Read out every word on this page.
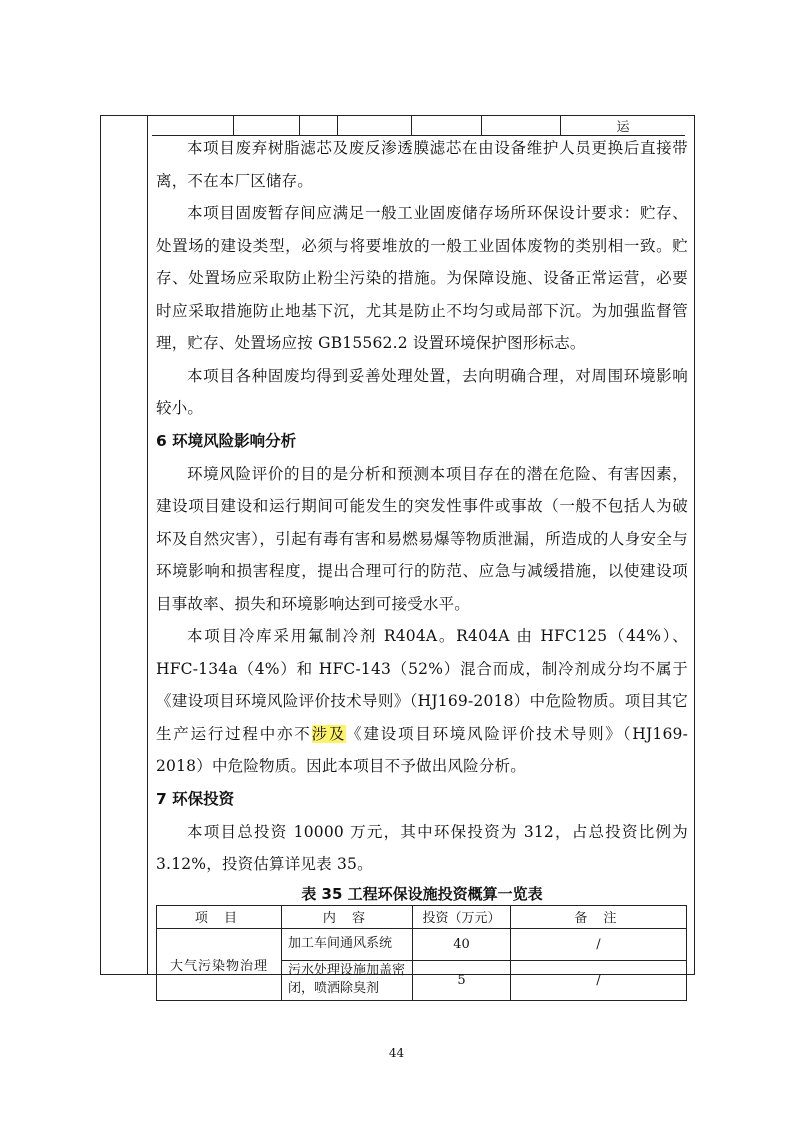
运

本项目废弃树脂滤芯及废反渗透膜滤芯在由设备维护人员更换后直接带离，不在本厂区储存。

本项目固废暂存间应满足一般工业固废储存场所环保设计要求：贮存、处置场的建设类型，必须与将要堆放的一般工业固体废物的类别相一致。贮存、处置场应采取防止粉尘污染的措施。为保障设施、设备正常运营，必要时应采取措施防止地基下沉，尤其是防止不均匀或局部下沉。为加强监督管理，贮存、处置场应按 GB15562.2 设置环境保护图形标志。

本项目各种固废均得到妥善处理处置，去向明确合理，对周围环境影响较小。

6 环境风险影响分析

环境风险评价的目的是分析和预测本项目存在的潜在危险、有害因素，建设项目建设和运行期间可能发生的突发性事件或事故（一般不包括人为破坏及自然灾害），引起有毒有害和易燃易爆等物质泄漏，所造成的人身安全与环境影响和损害程度，提出合理可行的防范、应急与减缓措施，以使建设项目事故率、损失和环境影响达到可接受水平。

本项目冷库采用氟制冷剂 R404A。R404A 由 HFC125（44%）、HFC-134a（4%）和 HFC-143（52%）混合而成，制冷剂成分均不属于《建设项目环境风险评价技术导则》（HJ169-2018）中危险物质。项目其它生产运行过程中亦不涉及《建设项目环境风险评价技术导则》（HJ169-2018）中危险物质。因此本项目不予做出风险分析。

7 环保投资

本项目总投资 10000 万元，其中环保投资为 312，占总投资比例为 3.12%，投资估算详见表 35。

表 35 工程环保设施投资概算一览表
项 目	内 容	投资（万元）	备 注
大气污染物治理	加工车间通风系统	40	/
	污水处理设施加盖密闭，喷洒除臭剂	5	/
44
